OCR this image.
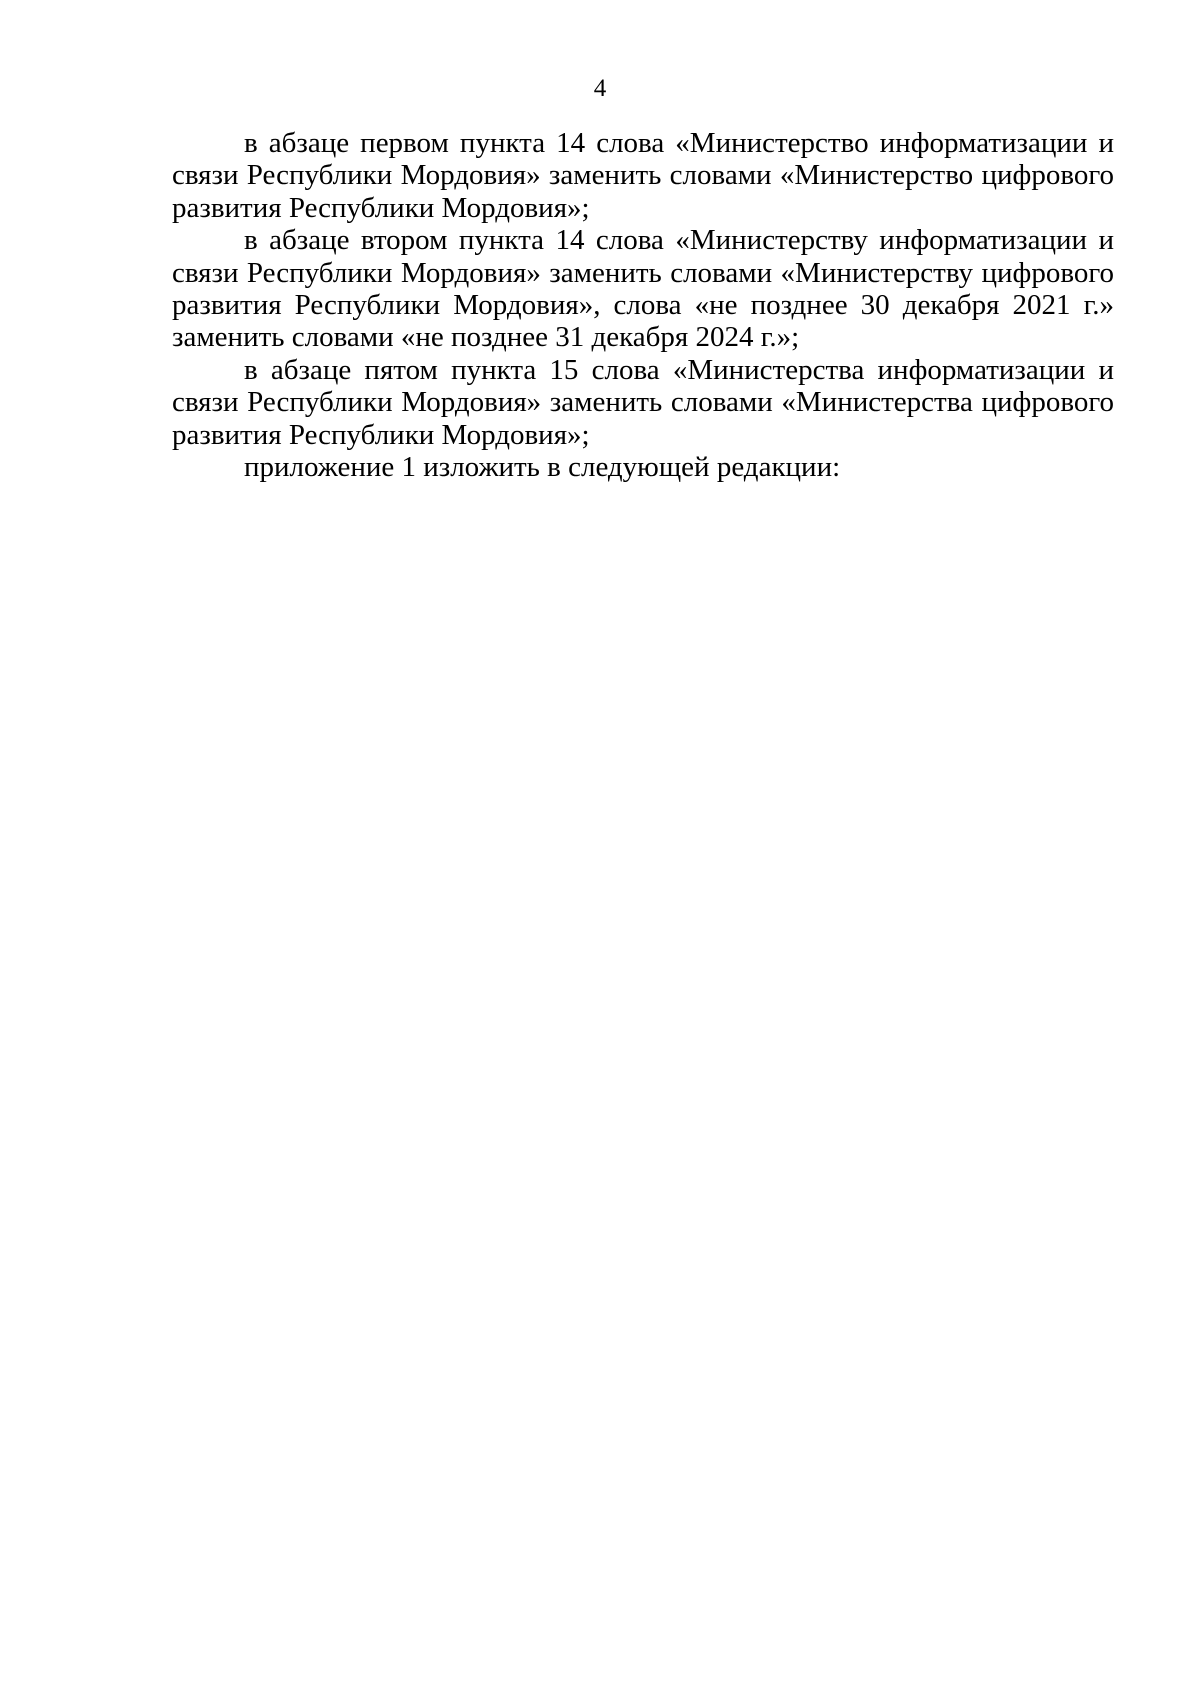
4

в абзаце первом пункта 14 слова «Министерство информатизации и связи Республики Мордовия» заменить словами «Министерство цифрового развития Республики Мордовия»;

в абзаце втором пункта 14 слова «Министерству информатизации и связи Республики Мордовия» заменить словами «Министерству цифрового развития Республики Мордовия», слова «не позднее 30 декабря 2021 г.» заменить словами «не позднее 31 декабря 2024 г.»;

в абзаце пятом пункта 15 слова «Министерства информатизации и связи Республики Мордовия» заменить словами «Министерства цифрового развития Республики Мордовия»;

приложение 1 изложить в следующей редакции:
